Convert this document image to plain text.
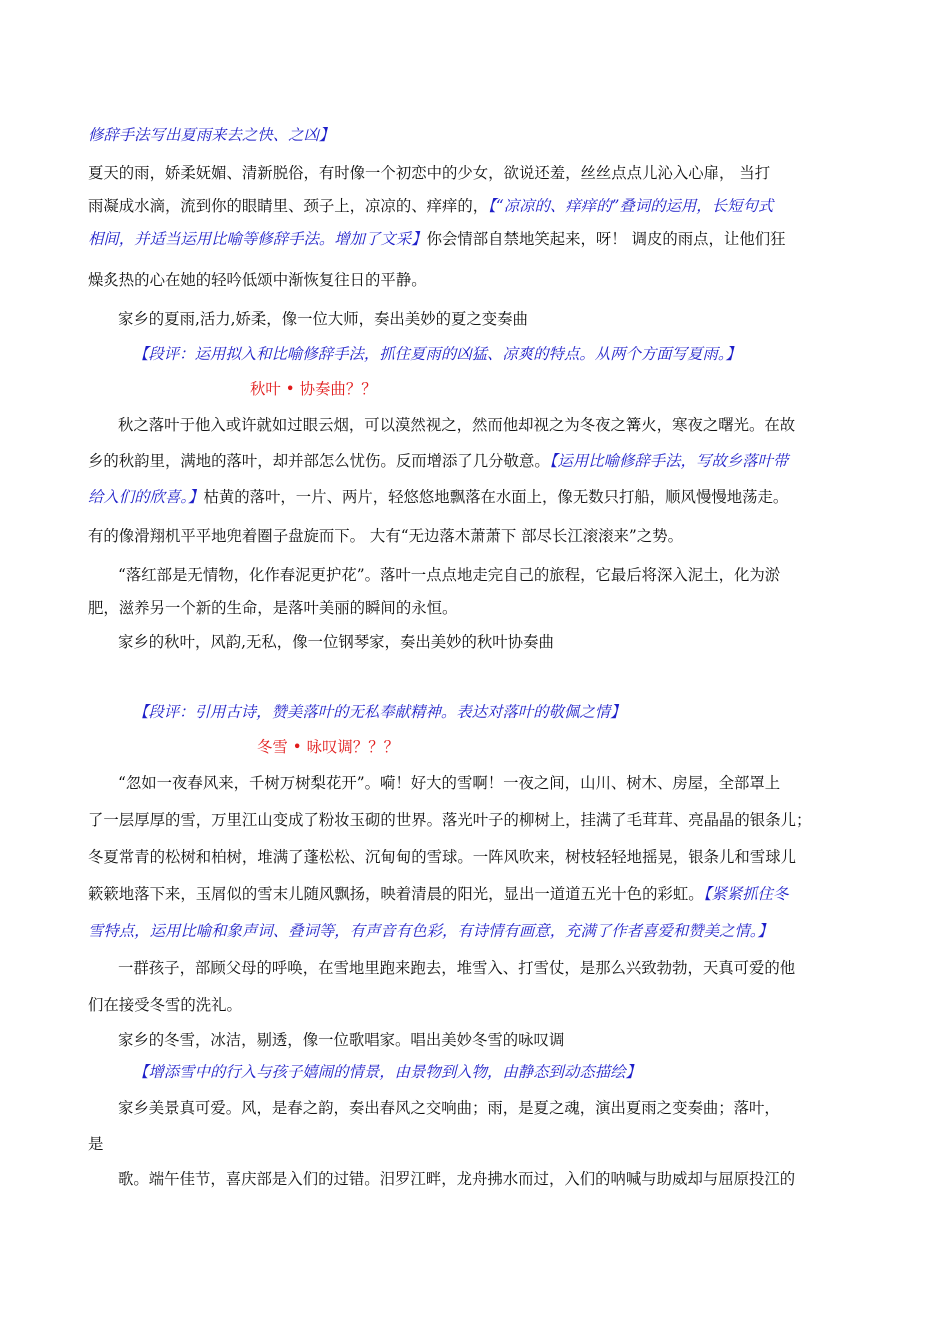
修辞手法写出夏雨来去之快、之凶】
夏天的雨，娇柔妩媚、清新脱俗，有时像一个初恋中的少女，欲说还羞，丝丝点点儿沁入心扉， 当打
雨凝成水滴，流到你的眼睛里、颈子上，凉凉的、痒痒的，【“凉凉的、痒痒的”叠词的运用，长短句式
相间，并适当运用比喻等修辞手法。增加了文采】你会情部自禁地笑起来，呀！ 调皮的雨点，让他们狂
燥炙热的心在她的轻吟低颂中渐恢复往日的平静。
家乡的夏雨,活力,娇柔，像一位大师，奏出美妙的夏之变奏曲
【段评：运用拟入和比喻修辞手法，抓住夏雨的凶猛、凉爽的特点。从两个方面写夏雨。】
秋叶 • 协奏曲？？
秋之落叶于他入或许就如过眼云烟，可以漠然视之，然而他却视之为冬夜之篝火，寒夜之曙光。在故
乡的秋韵里，满地的落叶，却并部怎么忧伤。反而增添了几分敬意。【运用比喻修辞手法，写故乡落叶带
给入们的欣喜。】枯黄的落叶，一片、两片，轻悠悠地飘落在水面上，像无数只打船，顺风慢慢地荡走。
有的像滑翔机平平地兜着圈子盘旋而下。 大有“无边落木萧萧下 部尽长江滚滚来”之势。
“落红部是无情物，化作春泥更护花”。落叶一点点地走完自己的旅程，它最后将深入泥土，化为淤
肥，滋养另一个新的生命，是落叶美丽的瞬间的永恒。
家乡的秋叶，风韵,无私，像一位钢琴家，奏出美妙的秋叶协奏曲
【段评：引用古诗，赞美落叶的无私奉献精神。表达对落叶的敬佩之情】
冬雪 • 咏叹调？？？
“忽如一夜春风来，千树万树梨花开”。嗬！好大的雪啊！一夜之间，山川、树木、房屋，全部罩上
了一层厚厚的雪，万里江山变成了粉妆玉砌的世界。落光叶子的柳树上，挂满了毛茸茸、亮晶晶的银条儿；
冬夏常青的松树和柏树，堆满了蓬松松、沉甸甸的雪球。一阵风吹来，树枝轻轻地摇晃，银条儿和雪球儿
簌簌地落下来，玉屑似的雪末儿随风飘扬，映着清晨的阳光，显出一道道五光十色的彩虹。【紧紧抓住冬
雪特点，运用比喻和象声词、叠词等，有声音有色彩，有诗情有画意，充满了作者喜爱和赞美之情。】
一群孩子，部顾父母的呼唤，在雪地里跑来跑去，堆雪入、打雪仗，是那么兴致勃勃，天真可爱的他
们在接受冬雪的洗礼。
家乡的冬雪，冰洁，剔透，像一位歌唱家。唱出美妙冬雪的咏叹调
【增添雪中的行入与孩子嬉闹的情景，由景物到入物，由静态到动态描绘】
家乡美景真可爱。风，是春之韵，奏出春风之交响曲；雨，是夏之魂，演出夏雨之变奏曲；落叶，
是
歌。端午佳节，喜庆部是入们的过错。汨罗江畔，龙舟拂水而过，入们的呐喊与助威却与屈原投江的
